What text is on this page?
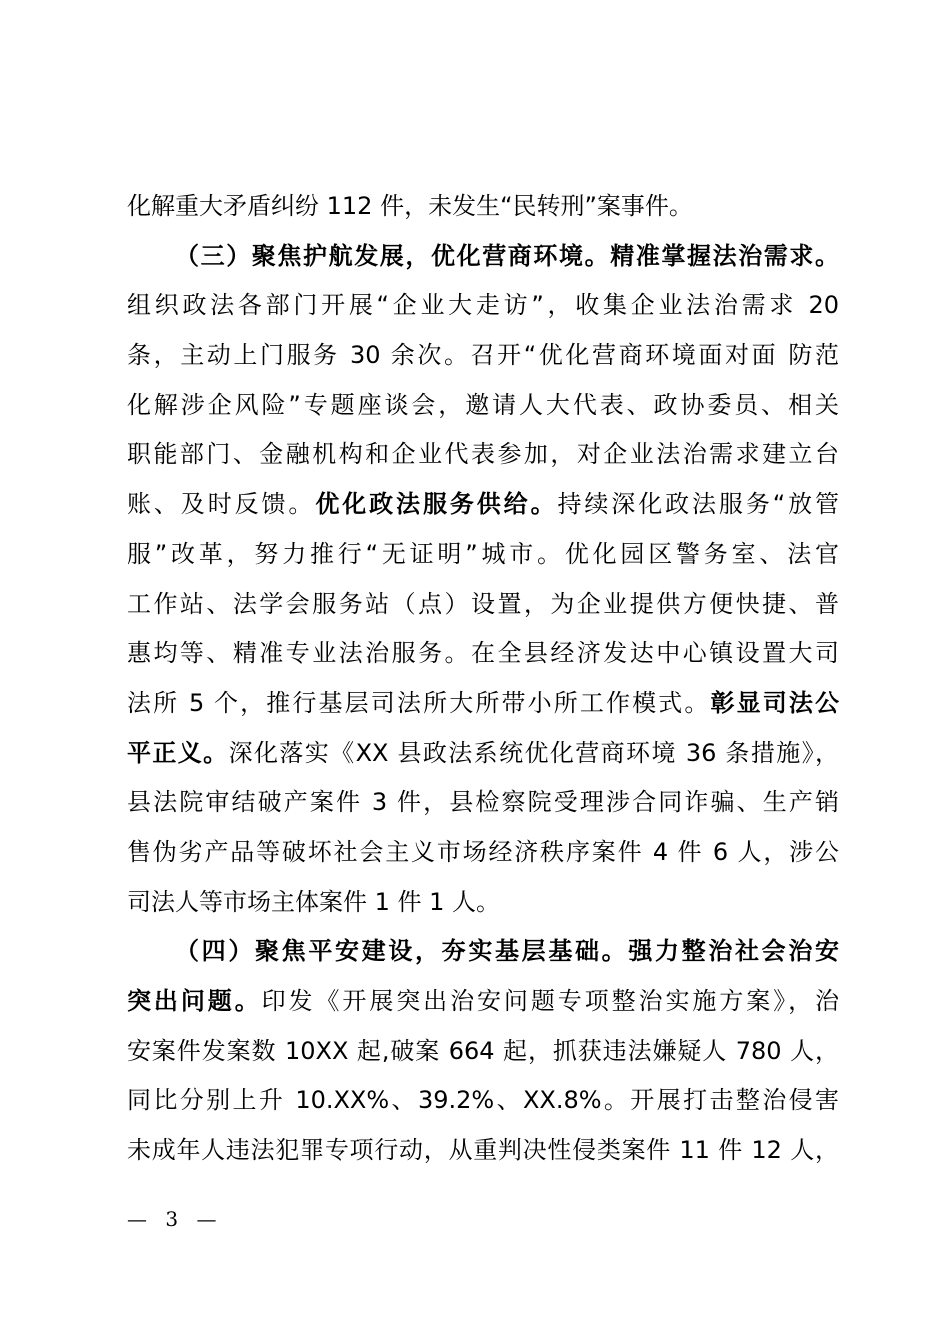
化解重大矛盾纠纷 112 件，未发生“民转刑”案事件。
（三）聚焦护航发展，优化营商环境。精准掌握法治需求。
组织政法各部门开展“企业大走访”，收集企业法治需求 20
条，主动上门服务 30 余次。召开“优化营商环境面对面 防范
化解涉企风险”专题座谈会，邀请人大代表、政协委员、相关
职能部门、金融机构和企业代表参加，对企业法治需求建立台
账、及时反馈。优化政法服务供给。持续深化政法服务“放管
服”改革，努力推行“无证明”城市。优化园区警务室、法官
工作站、法学会服务站（点）设置，为企业提供方便快捷、普
惠均等、精准专业法治服务。在全县经济发达中心镇设置大司
法所 5 个，推行基层司法所大所带小所工作模式。彰显司法公
平正义。深化落实《XX 县政法系统优化营商环境 36 条措施》，
县法院审结破产案件 3 件，县检察院受理涉合同诈骗、生产销
售伪劣产品等破坏社会主义市场经济秩序案件 4 件 6 人，涉公
司法人等市场主体案件 1 件 1 人。
（四）聚焦平安建设，夯实基层基础。强力整治社会治安
突出问题。印发《开展突出治安问题专项整治实施方案》，治
安案件发案数 10XX 起,破案 664 起，抓获违法嫌疑人 780 人，
同比分别上升 10.XX%、39.2%、XX.8%。开展打击整治侵害
未成年人违法犯罪专项行动，从重判决性侵类案件 11 件 12 人，
— 3 —
